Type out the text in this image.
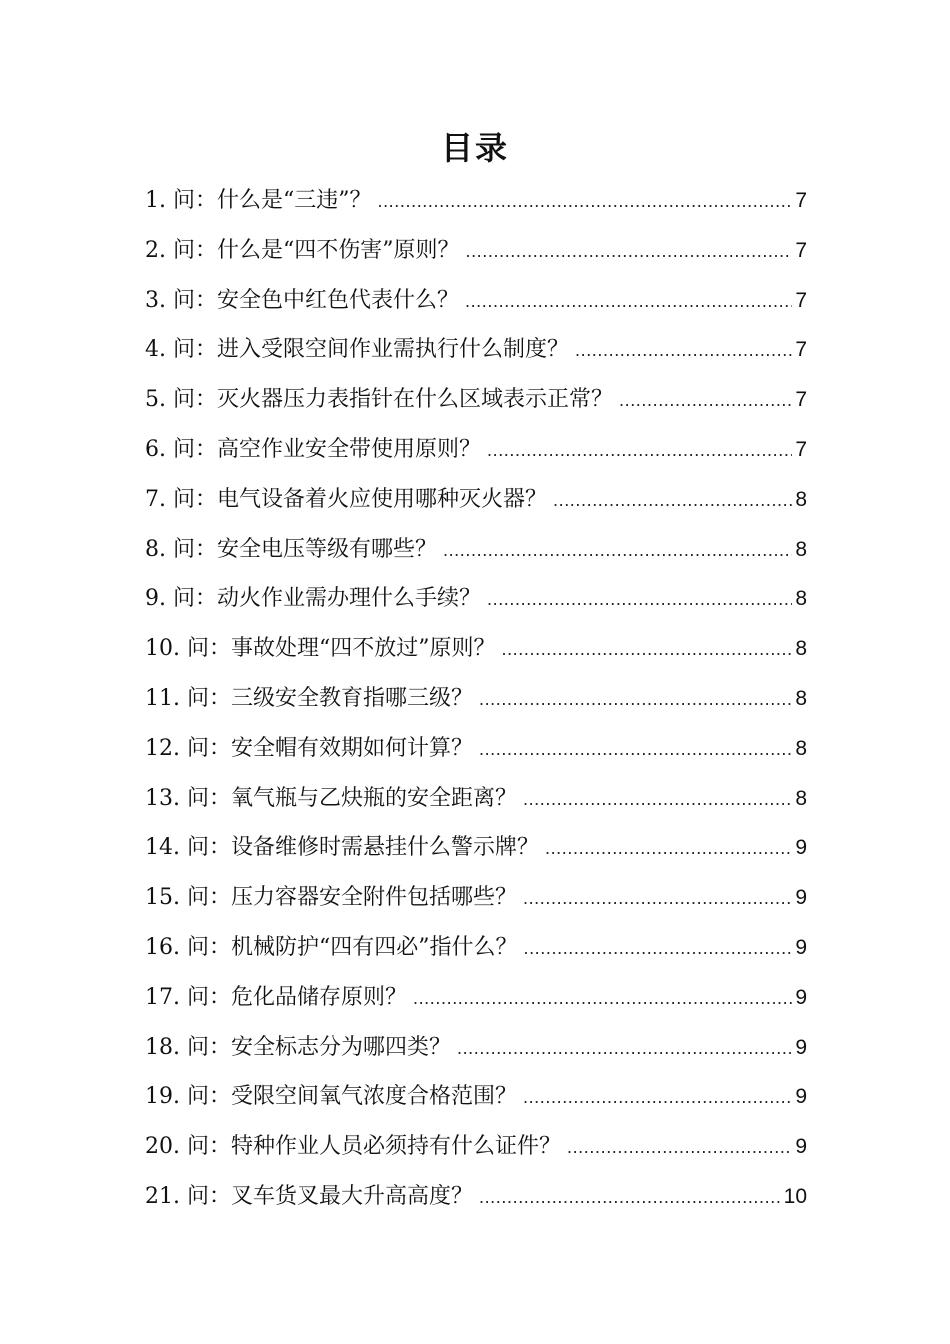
目录
1. 问：什么是“三违”？ .....	7
2. 问：什么是“四不伤害”原则？ .....	7
3. 问：安全色中红色代表什么？ .....	7
4. 问：进入受限空间作业需执行什么制度？ .....	7
5. 问：灭火器压力表指针在什么区域表示正常？ .....	7
6. 问：高空作业安全带使用原则？ .....	7
7. 问：电气设备着火应使用哪种灭火器？ .....	8
8. 问：安全电压等级有哪些？ .....	8
9. 问：动火作业需办理什么手续？ .....	8
10. 问：事故处理“四不放过”原则？ .....	8
11. 问：三级安全教育指哪三级？ .....	8
12. 问：安全帽有效期如何计算？ .....	8
13. 问：氧气瓶与乙炔瓶的安全距离？ .....	8
14. 问：设备维修时需悬挂什么警示牌？ .....	9
15. 问：压力容器安全附件包括哪些？ .....	9
16. 问：机械防护“四有四必”指什么？ .....	9
17. 问：危化品储存原则？ .....	9
18. 问：安全标志分为哪四类？ .....	9
19. 问：受限空间氧气浓度合格范围？ .....	9
20. 问：特种作业人员必须持有什么证件？ .....	9
21. 问：叉车货叉最大升高高度？ .....	10
